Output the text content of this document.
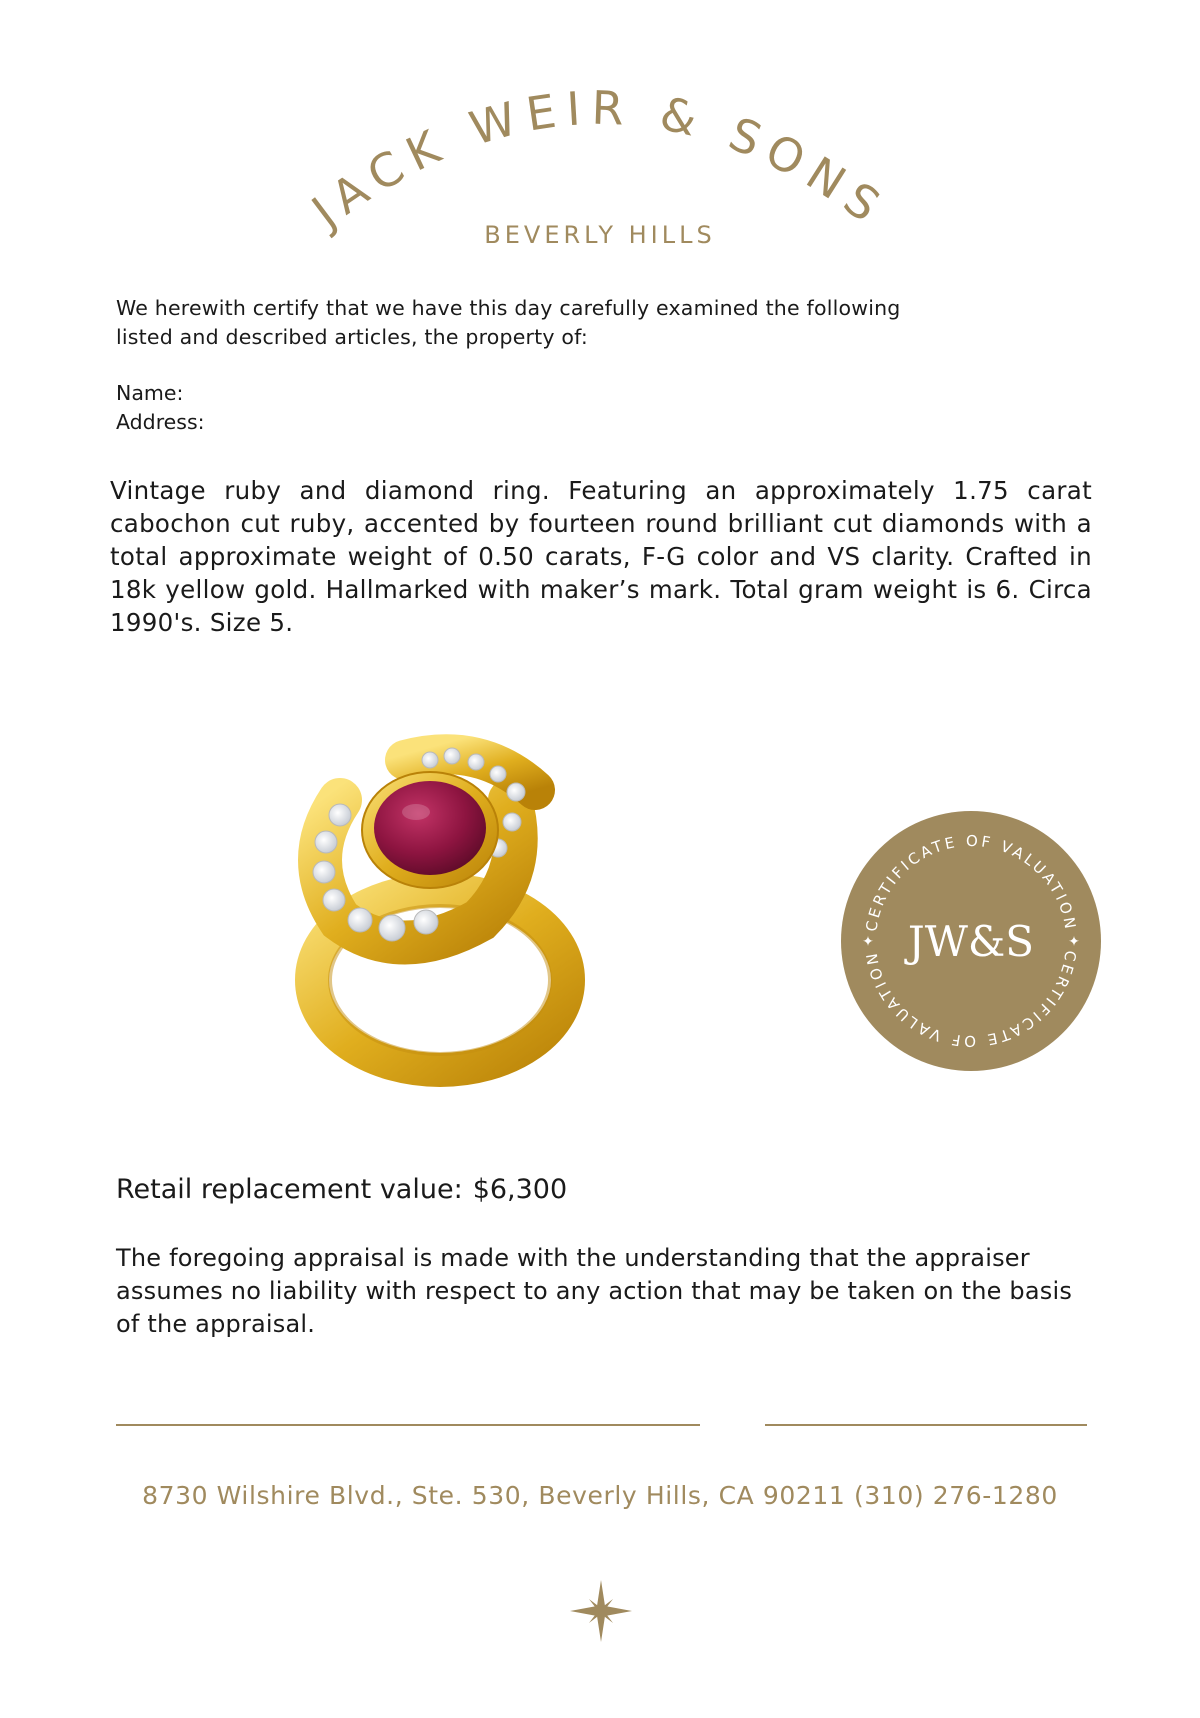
JACK WEIR & SONS
BEVERLY HILLS
We herewith certify that we have this day carefully examined the following listed and described articles, the property of:
Name:
Address:
Vintage ruby and diamond ring. Featuring an approximately 1.75 carat cabochon cut ruby, accented by fourteen round brilliant cut diamonds with a total approximate weight of 0.50 carats, F-G color and VS clarity. Crafted in 18k yellow gold. Hallmarked with maker’s mark. Total gram weight is 6. Circa 1990's. Size 5.
CERTIFICATE OF VALUATION
CERTIFICATE OF VALUATION JW&S
✦	✦
Retail replacement value: $6,300
The foregoing appraisal is made with the understanding that the appraiser assumes no liability with respect to any action that may be taken on the basis of the appraisal.
8730 Wilshire Blvd., Ste. 530, Beverly Hills, CA 90211 (310) 276-1280
